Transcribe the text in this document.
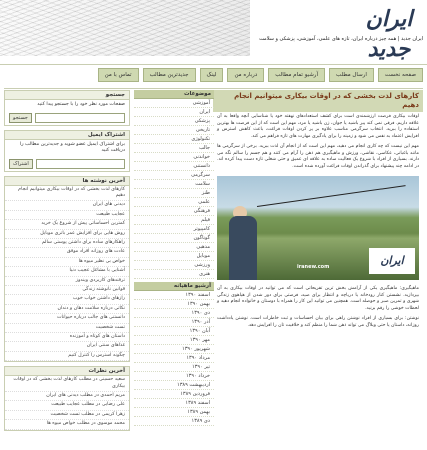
ایران جدید
ایران جدید | همه چیز درباره ایران، تازه های علمی، آموزشی، پزشکی و سلامت
صفحه نخست
ارسال مطلب
آرشیو تمام مطالب
درباره من
لینک
جدیدترین مطالب
تماس با من
کارهای لذت بخشی که در اوقات بیکاری میتوانیم انجام دهیم
اوقات بیکاری فرصت ارزشمندی است برای کشف استعدادهای نهفته خود یا شناسایی آنچه واقعا به آن علاقه داریم. فرقی نمی کند پیر باشید یا جوان، زن باشید یا مرد، مهم این است که از این فرصت ها بهترین استفاده را ببرید. انتخاب سرگرمی مناسب علاوه بر پر کردن اوقات فراغت، باعث کاهش استرس و افزایش اعتماد به نفس می شود و زمینه را برای یادگیری مهارت های تازه فراهم می کند.
مهم این نیست که چه کاری انجام می دهید، مهم این است که از انجام آن لذت ببرید. برخی از سرگرمی ها مانند باغبانی، عکاسی، نقاشی، ورزش و ماهیگیری هم ذهن را آرام می کنند و هم جسم را سالم نگه می دارند. بسیاری از افراد با شروع یک فعالیت ساده به علاقه ای عمیق و حتی شغلی تازه دست پیدا کرده اند. در ادامه چند پیشنهاد برای گذراندن اوقات فراغت آورده شده است.
iranew.com	ایران
ماهیگیری: ماهیگیری یکی از آرامش بخش ترین تفریحاتی است که می توانید در اوقات بیکاری به آن بپردازید. نشستن کنار رودخانه یا دریاچه و انتظار برای صید، فرصتی برای دور شدن از هیاهوی زندگی شهری و تمرین صبر و حوصله است. همچنین می توانید این کار را همراه با دوستان و خانواده انجام دهید و لحظات خوشی را رقم بزنید.
نوشتن: برای بسیاری از افراد نوشتن راهی برای بیان احساسات و ثبت خاطرات است. نوشتن یادداشت روزانه، داستان یا حتی وبلاگ می تواند ذهن شما را منظم کند و خلاقیت تان را افزایش دهد.
موضوعات
آموزشی
ایران
پزشکی
تاریخی
تکنولوژی
جالب
خواندنی
دانستنی
سرگرمی
سلامت
طنز
علمی
فرهنگی
فیلم
کامپیوتر
گوناگون
مذهبی
موبایل
ورزشی
هنری
آرشیو ماهیانه
اسفند ۱۳۹۰
بهمن ۱۳۹۰
دی ۱۳۹۰
آذر ۱۳۹۰
آبان ۱۳۹۰
مهر ۱۳۹۰
شهریور ۱۳۹۰
مرداد ۱۳۹۰
تیر ۱۳۹۰
خرداد ۱۳۹۰
اردیبهشت ۱۳۸۹
فروردین ۱۳۸۹
اسفند ۱۳۸۹
بهمن ۱۳۸۹
دی ۱۳۸۹
جستجو
صفحات مورد نظر خود را با جستجو پیدا کنید
جستجو
اشتراک ایمیل
برای اشتراک ایمیل عضو شوید و جدیدترین مطالب را دریافت کنید
اشتراک
آخرین نوشته ها
کارهای لذت بخشی که در اوقات بیکاری میتوانیم انجام دهیم
دیدنی های ایران
عجایب طبیعت
کمترین احساساتی پیش از شروع یک خرید
روش هایی برای افزایش عمر باتری موبایل
راهکارهای ساده برای داشتن پوستی سالم
عادت های روزانه افراد موفق
خواص بی نظیر میوه ها
آشنایی با مشاغل عجیب دنیا
ترفندهای کاربردی ویندوز
قوانین نانوشته زندگی
رازهای داشتن خواب خوب
نکاتی درباره سلامت دهان و دندان
دانستنی های جالب درباره حیوانات
تست شخصیت
داستان های کوتاه و آموزنده
غذاهای سنتی ایران
چگونه استرس را کنترل کنیم
آخرین نظرات
سعید حسینی در مطلب کارهای لذت بخشی که در اوقات بیکاری
مریم احمدی در مطلب دیدنی های ایران
علی رضایی در مطلب عجایب طبیعت
زهرا کریمی در مطلب تست شخصیت
محمد موسوی در مطلب خواص میوه ها
